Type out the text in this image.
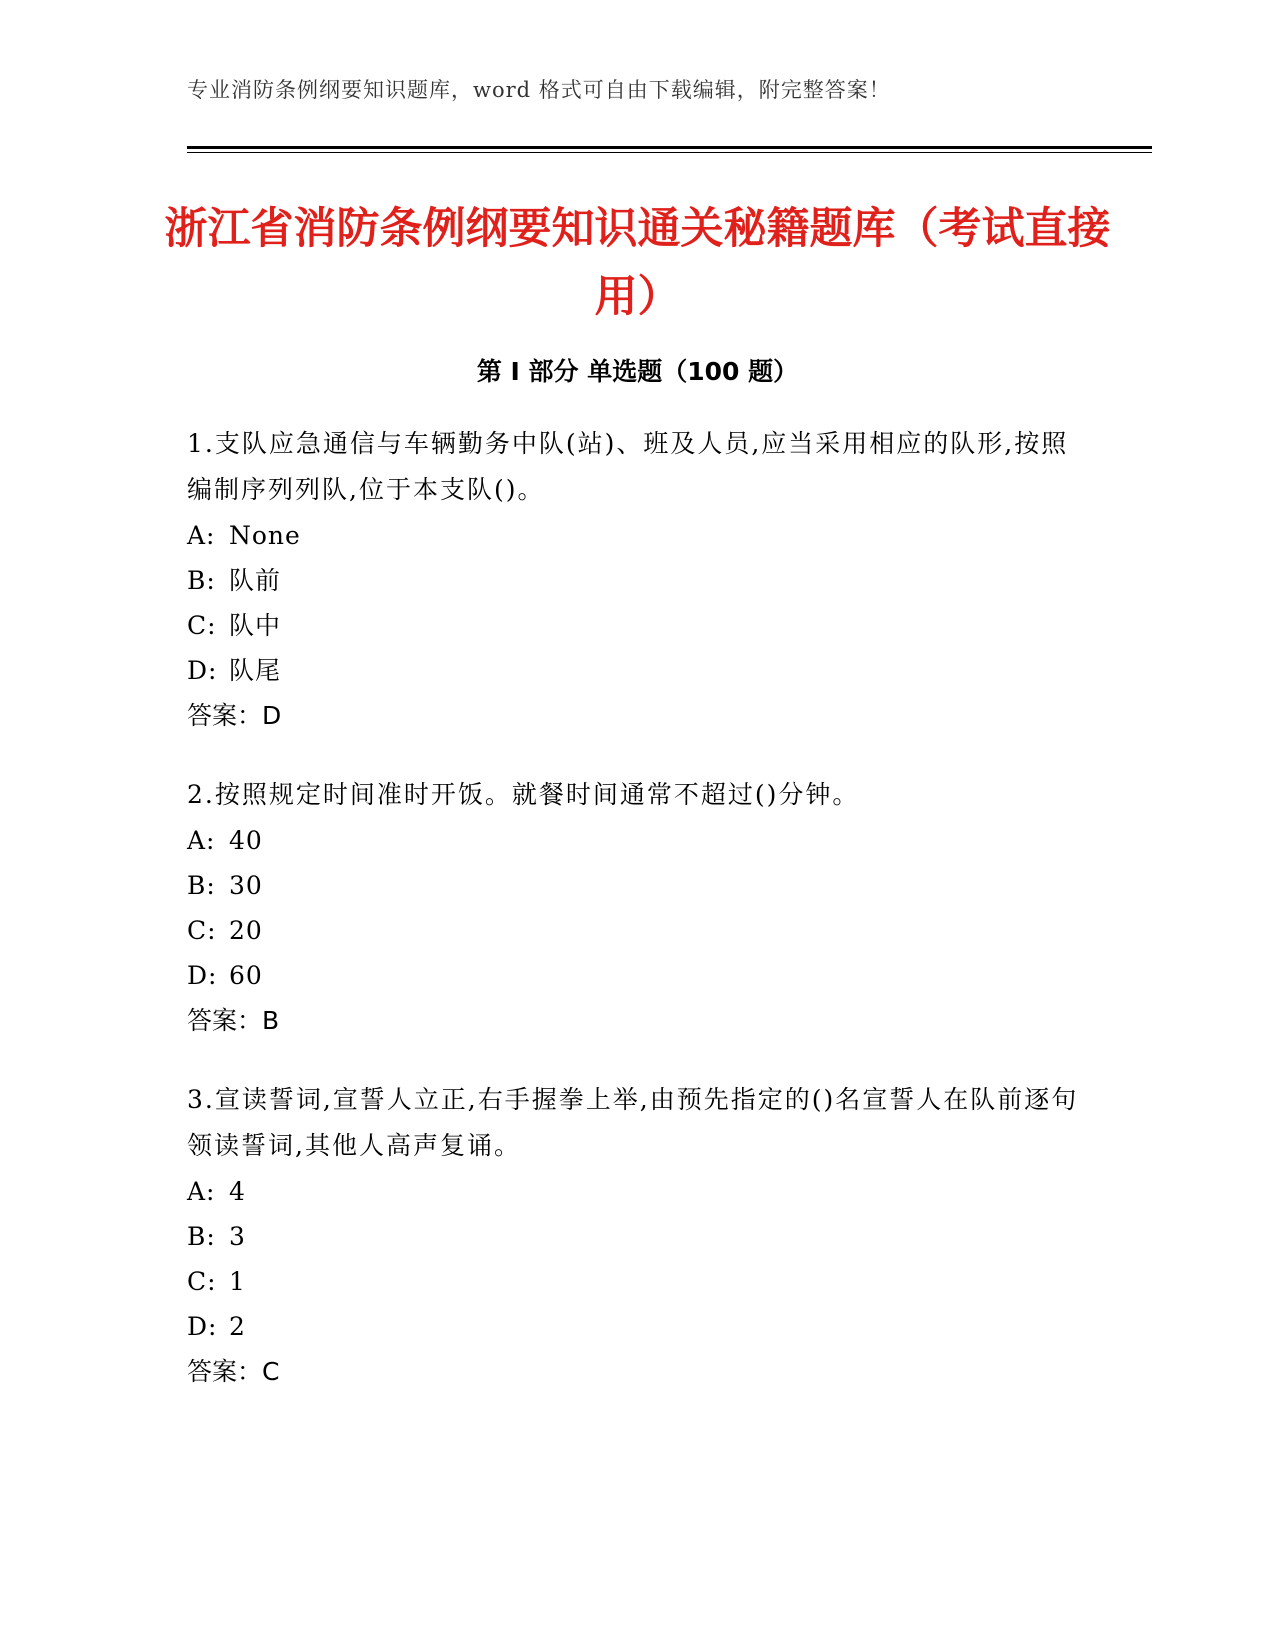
专业消防条例纲要知识题库，word 格式可自由下载编辑，附完整答案！
浙江省消防条例纲要知识通关秘籍题库（考试直接用）
第 I 部分 单选题（100 题）

1.支队应急通信与车辆勤务中队(站)、班及人员,应当采用相应的队形,按照编制序列列队,位于本支队()。

A: None

B: 队前

C: 队中

D: 队尾

答案：D

2.按照规定时间准时开饭。就餐时间通常不超过()分钟。

A: 40

B: 30

C: 20

D: 60

答案：B

3.宣读誓词,宣誓人立正,右手握拳上举,由预先指定的()名宣誓人在队前逐句领读誓词,其他人高声复诵。

A: 4

B: 3

C: 1

D: 2

答案：C
